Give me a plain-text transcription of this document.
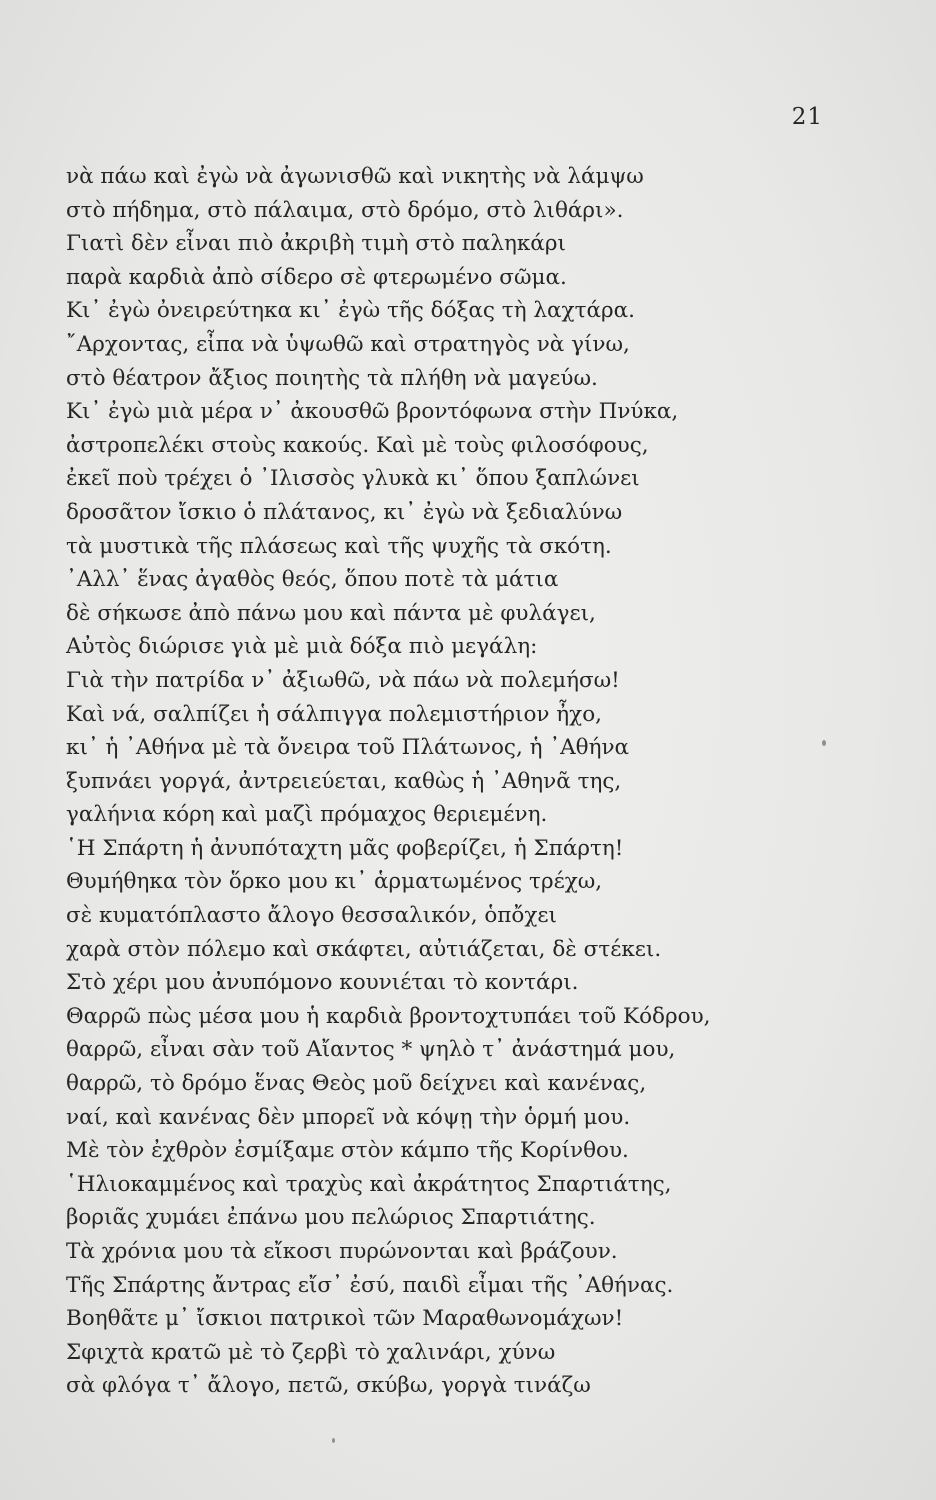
21
νὰ πάω καὶ ἐγὼ νὰ ἀγωνισθῶ καὶ νικητὴς νὰ λάμψω
στὸ πήδημα, στὸ πάλαιμα, στὸ δρόμο, στὸ λιθάρι».
Γιατὶ δὲν εἶναι πιὸ ἀκριβὴ τιμὴ στὸ παληκάρι
παρὰ καρδιὰ ἀπὸ σίδερο σὲ φτερωμένο σῶμα.
Κι᾽ ἐγὼ ὀνειρεύτηκα κι᾽ ἐγὼ τῆς δόξας τὴ λαχτάρα.
῎Αρχοντας, εἶπα νὰ ὑψωθῶ καὶ στρατηγὸς νὰ γίνω,
στὸ θέατρον ἄξιος ποιητὴς τὰ πλήθη νὰ μαγεύω.
Κι᾽ ἐγὼ μιὰ μέρα ν᾽ ἀκουσθῶ βροντόφωνα στὴν Πνύκα,
ἀστροπελέκι στοὺς κακούς. Καὶ μὲ τοὺς φιλοσόφους,
ἐκεῖ ποὺ τρέχει ὁ ᾽Ιλισσὸς γλυκὰ κι᾽ ὅπου ξαπλώνει
δροσᾶτον ἴσκιο ὁ πλάτανος, κι᾽ ἐγὼ νὰ ξεδιαλύνω
τὰ μυστικὰ τῆς πλάσεως καὶ τῆς ψυχῆς τὰ σκότη.
᾽Αλλ᾽ ἕνας ἀγαθὸς θεός, ὅπου ποτὲ τὰ μάτια
δὲ σήκωσε ἀπὸ πάνω μου καὶ πάντα μὲ φυλάγει,
Αὐτὸς διώρισε γιὰ μὲ μιὰ δόξα πιὸ μεγάλη:
Γιὰ τὴν πατρίδα ν᾽ ἀξιωθῶ, νὰ πάω νὰ πολεμήσω!
Καὶ νά, σαλπίζει ἡ σάλπιγγα πολεμιστήριον ἦχο,
κι᾽ ἡ ᾽Αθήνα μὲ τὰ ὄνειρα τοῦ Πλάτωνος, ἡ ᾽Αθήνα
ξυπνάει γοργά, ἀντρειεύεται, καθὼς ἡ ᾽Αθηνᾶ της,
γαλήνια κόρη καὶ μαζὶ πρόμαχος θεριεμένη.
῾Η Σπάρτη ἡ ἀνυπόταχτη μᾶς φοβερίζει, ἡ Σπάρτη!
Θυμήθηκα τὸν ὅρκο μου κι᾽ ἁρματωμένος τρέχω,
σὲ κυματόπλαστο ἄλογο θεσσαλικόν, ὁπὄχει
χαρὰ στὸν πόλεμο καὶ σκάφτει, αὐτιάζεται, δὲ στέκει.
Στὸ χέρι μου ἀνυπόμονο κουνιέται τὸ κοντάρι.
Θαρρῶ πὼς μέσα μου ἡ καρδιὰ βροντοχτυπάει τοῦ Κόδρου,
θαρρῶ, εἶναι σὰν τοῦ Αἴαντος * ψηλὸ τ᾽ ἀνάστημά μου,
θαρρῶ, τὸ δρόμο ἕνας Θεὸς μοῦ δείχνει καὶ κανένας,
ναί, καὶ κανένας δὲν μπορεῖ νὰ κόψῃ τὴν ὁρμή μου.
Μὲ τὸν ἐχθρὸν ἐσμίξαμε στὸν κάμπο τῆς Κορίνθου.
῾Ηλιοκαμμένος καὶ τραχὺς καὶ ἀκράτητος Σπαρτιάτης,
βοριᾶς χυμάει ἐπάνω μου πελώριος Σπαρτιάτης.
Τὰ χρόνια μου τὰ εἴκοσι πυρώνονται καὶ βράζουν.
Τῆς Σπάρτης ἄντρας εἴσ᾽ ἐσύ, παιδὶ εἶμαι τῆς ᾽Αθήνας.
Βοηθᾶτε μ᾽ ἴσκιοι πατρικοὶ τῶν Μαραθωνομάχων!
Σφιχτὰ κρατῶ μὲ τὸ ζερβὶ τὸ χαλινάρι, χύνω
σὰ φλόγα τ᾽ ἄλογο, πετῶ, σκύβω, γοργὰ τινάζω
